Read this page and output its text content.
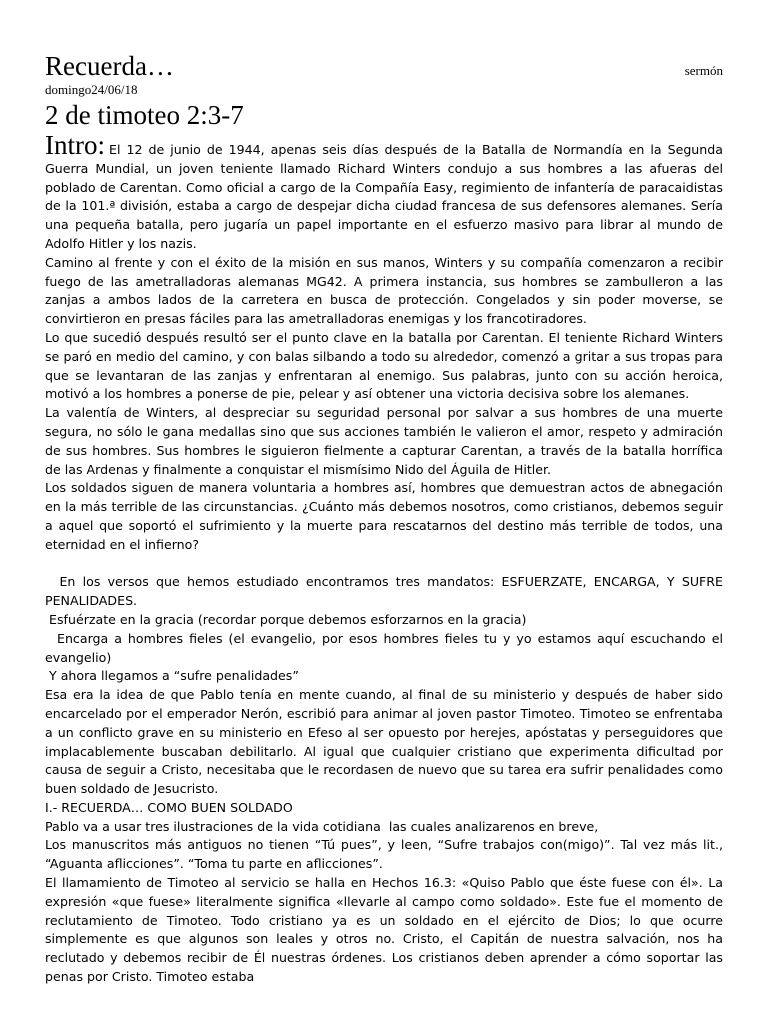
Recuerda…	sermón
domingo24/06/18
2 de timoteo 2:3-7

Intro: El 12 de junio de 1944, apenas seis días después de la Batalla de Normandía en la Segunda Guerra Mundial, un joven teniente llamado Richard Winters condujo a sus hombres a las afueras del poblado de Carentan. Como oficial a cargo de la Compañía Easy, regimiento de infantería de paracaidistas de la 101.ª división, estaba a cargo de despejar dicha ciudad francesa de sus defensores alemanes. Sería una pequeña batalla, pero jugaría un papel importante en el esfuerzo masivo para librar al mundo de Adolfo Hitler y los nazis.

Camino al frente y con el éxito de la misión en sus manos, Winters y su compañía comenzaron a recibir fuego de las ametralladoras alemanas MG42. A primera instancia, sus hombres se zambulleron a las zanjas a ambos lados de la carretera en busca de protección. Congelados y sin poder moverse, se convirtieron en presas fáciles para las ametralladoras enemigas y los francotiradores.

Lo que sucedió después resultó ser el punto clave en la batalla por Carentan. El teniente Richard Winters se paró en medio del camino, y con balas silbando a todo su alrededor, comenzó a gritar a sus tropas para que se levantaran de las zanjas y enfrentaran al enemigo. Sus palabras, junto con su acción heroica, motivó a los hombres a ponerse de pie, pelear y así obtener una victoria decisiva sobre los alemanes.

La valentía de Winters, al despreciar su seguridad personal por salvar a sus hombres de una muerte segura, no sólo le gana medallas sino que sus acciones también le valieron el amor, respeto y admiración de sus hombres. Sus hombres le siguieron fielmente a capturar Carentan, a través de la batalla horrífica de las Ardenas y finalmente a conquistar el mismísimo Nido del Águila de Hitler.

Los soldados siguen de manera voluntaria a hombres así, hombres que demuestran actos de abnegación en la más terrible de las circunstancias. ¿Cuánto más debemos nosotros, como cristianos, debemos seguir a aquel que soportó el sufrimiento y la muerte para rescatarnos del destino más terrible de todos, una eternidad en el infierno?

En los versos que hemos estudiado encontramos tres mandatos: ESFUERZATE, ENCARGA, Y SUFRE PENALIDADES.

Esfuérzate en la gracia (recordar porque debemos esforzarnos en la gracia)

Encarga a hombres fieles (el evangelio, por esos hombres fieles tu y yo estamos aquí escuchando el evangelio)

Y ahora llegamos a “sufre penalidades”

Esa era la idea de que Pablo tenía en mente cuando, al final de su ministerio y después de haber sido encarcelado por el emperador Nerón, escribió para animar al joven pastor Timoteo. Timoteo se enfrentaba a un conflicto grave en su ministerio en Efeso al ser opuesto por herejes, apóstatas y perseguidores que implacablemente buscaban debilitarlo. Al igual que cualquier cristiano que experimenta dificultad por causa de seguir a Cristo, necesitaba que le recordasen de nuevo que su tarea era sufrir penalidades como buen soldado de Jesucristo.

I.- RECUERDA… COMO BUEN SOLDADO

Pablo va a usar tres ilustraciones de la vida cotidiana  las cuales analizarenos en breve,

Los manuscritos más antiguos no tienen “Tú pues”, y leen, “Sufre trabajos con(migo)”. Tal vez más lit., “Aguanta aflicciones”. “Toma tu parte en aflicciones”.

El llamamiento de Timoteo al servicio se halla en Hechos 16.3: «Quiso Pablo que éste fuese con él». La expresión «que fuese» literalmente significa «llevarle al campo como soldado». Este fue el momento de reclutamiento de Timoteo. Todo cristiano ya es un soldado en el ejército de Dios; lo que ocurre simplemente es que algunos son leales y otros no. Cristo, el Capitán de nuestra salvación, nos ha reclutado y debemos recibir de Él nuestras órdenes. Los cristianos deben aprender a cómo soportar las penas por Cristo. Timoteo estaba
